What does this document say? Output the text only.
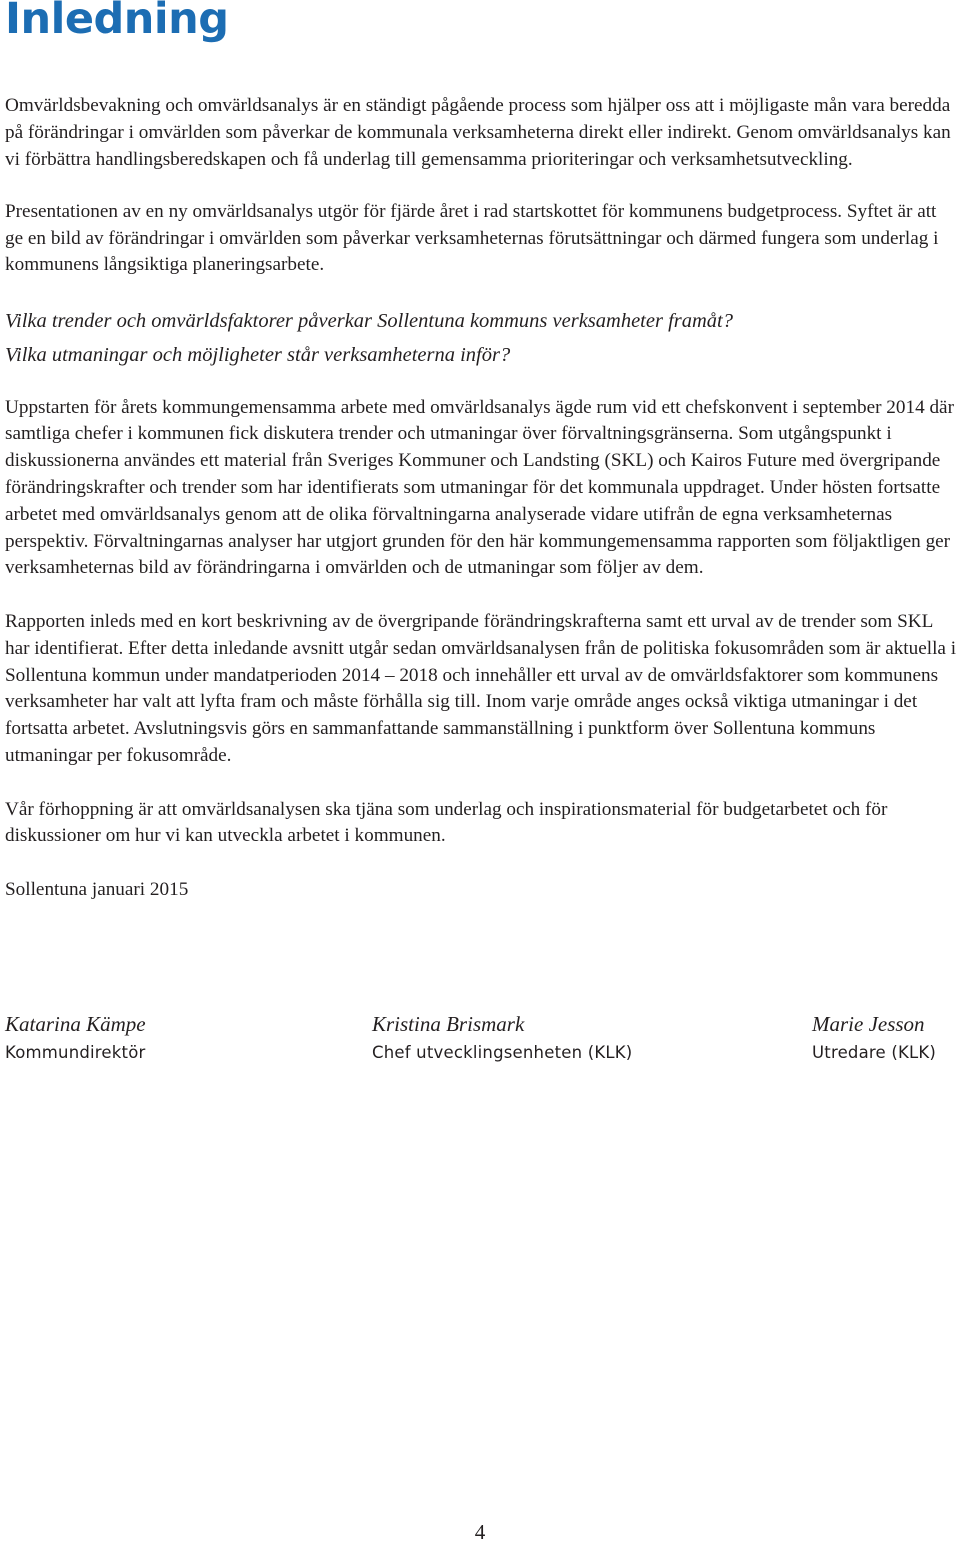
Inledning

Omvärldsbevakning och omvärldsanalys är en ständigt pågående process som hjälper oss att i möjligaste mån vara beredda på förändringar i omvärlden som påverkar de kommunala verksamheterna direkt eller indirekt. Genom omvärldsanalys kan vi förbättra handlingsberedskapen och få underlag till gemensamma prioriteringar och verksamhetsutveckling.

Presentationen av en ny omvärldsanalys utgör för fjärde året i rad startskottet för kommunens budgetprocess. Syftet är att ge en bild av förändringar i omvärlden som påverkar verksamheternas förutsättningar och därmed fungera som underlag i kommunens långsiktiga planeringsarbete.

Vilka trender och omvärldsfaktorer påverkar Sollentuna kommuns verksamheter framåt?

Vilka utmaningar och möjligheter står verksamheterna inför?

Uppstarten för årets kommungemensamma arbete med omvärldsanalys ägde rum vid ett chefskonvent i september 2014 där samtliga chefer i kommunen fick diskutera trender och utmaningar över förvaltningsgränserna. Som utgångspunkt i diskussionerna användes ett material från Sveriges Kommuner och Landsting (SKL) och Kairos Future med övergripande förändringskrafter och trender som har identifierats som utmaningar för det kommunala uppdraget. Under hösten fortsatte arbetet med omvärldsanalys genom att de olika förvaltningarna analyserade vidare utifrån de egna verksamheternas perspektiv. Förvaltningarnas analyser har utgjort grunden för den här kommungemensamma rapporten som följaktligen ger verksamheternas bild av förändringarna i omvärlden och de utmaningar som följer av dem.

Rapporten inleds med en kort beskrivning av de övergripande förändringskrafterna samt ett urval av de trender som SKL har identifierat. Efter detta inledande avsnitt utgår sedan omvärldsanalysen från de politiska fokusområden som är aktuella i Sollentuna kommun under mandatperioden 2014 – 2018 och innehåller ett urval av de omvärldsfaktorer som kommunens verksamheter har valt att lyfta fram och måste förhålla sig till. Inom varje område anges också viktiga utmaningar i det fortsatta arbetet. Avslutningsvis görs en sammanfattande sammanställning i punktform över Sollentuna kommuns utmaningar per fokusområde.

Vår förhoppning är att omvärldsanalysen ska tjäna som underlag och inspirationsmaterial för budgetarbetet och för diskussioner om hur vi kan utveckla arbetet i kommunen.

Sollentuna januari 2015

Katarina Kämpe
Kommundirektör
Kristina Brismark
Chef utvecklingsenheten (KLK)
Marie Jesson
Utredare (KLK)
4
